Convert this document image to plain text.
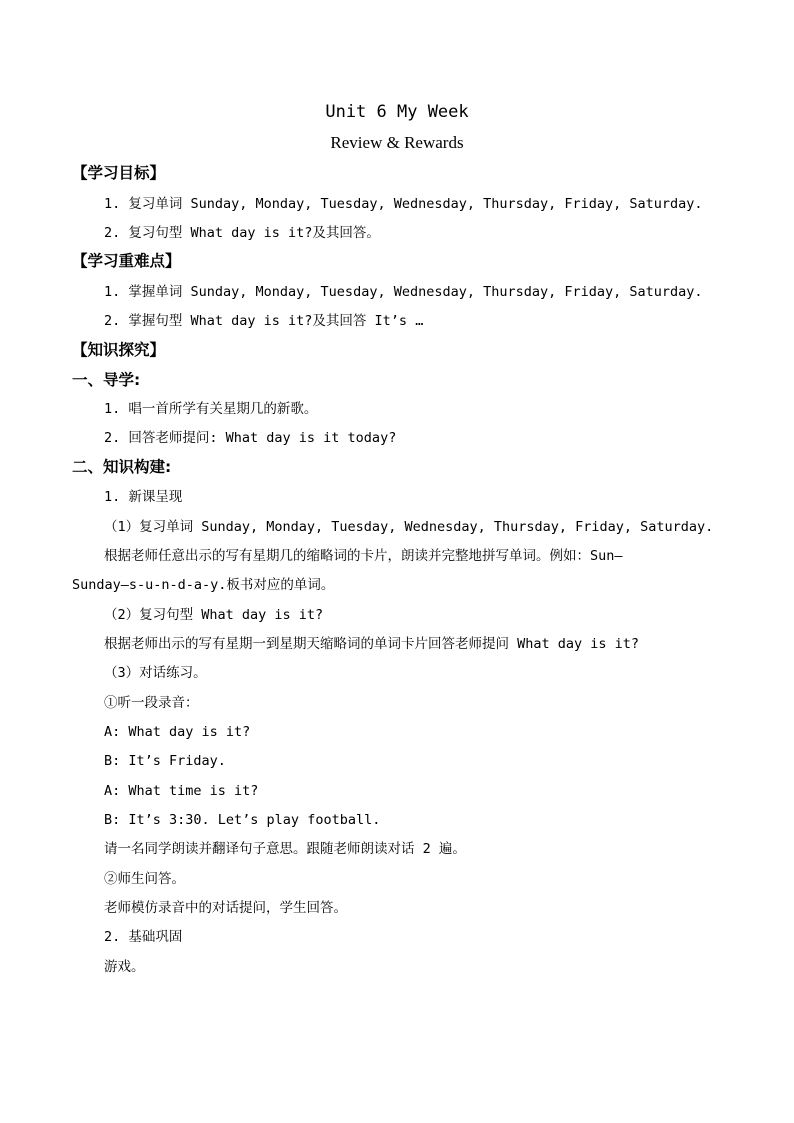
Unit 6 My Week
Review & Rewards
【学习目标】
1. 复习单词 Sunday, Monday, Tuesday, Wednesday, Thursday, Friday, Saturday.
2. 复习句型 What day is it?及其回答。
【学习重难点】
1. 掌握单词 Sunday, Monday, Tuesday, Wednesday, Thursday, Friday, Saturday.
2. 掌握句型 What day is it?及其回答 It’s …
【知识探究】
一、导学:
1. 唱一首所学有关星期几的新歌。
2. 回答老师提问: What day is it today?
二、知识构建:
1. 新课呈现
（1）复习单词 Sunday, Monday, Tuesday, Wednesday, Thursday, Friday, Saturday.
根据老师任意出示的写有星期几的缩略词的卡片，朗读并完整地拼写单词。例如：Sun—
Sunday—s-u-n-d-a-y.板书对应的单词。
（2）复习句型 What day is it?
根据老师出示的写有星期一到星期天缩略词的单词卡片回答老师提问 What day is it?
（3）对话练习。
①听一段录音：
A: What day is it?
B: It’s Friday.
A: What time is it?
B: It’s 3:30. Let’s play football.
请一名同学朗读并翻译句子意思。跟随老师朗读对话 2 遍。
②师生问答。
老师模仿录音中的对话提问，学生回答。
2. 基础巩固
游戏。
